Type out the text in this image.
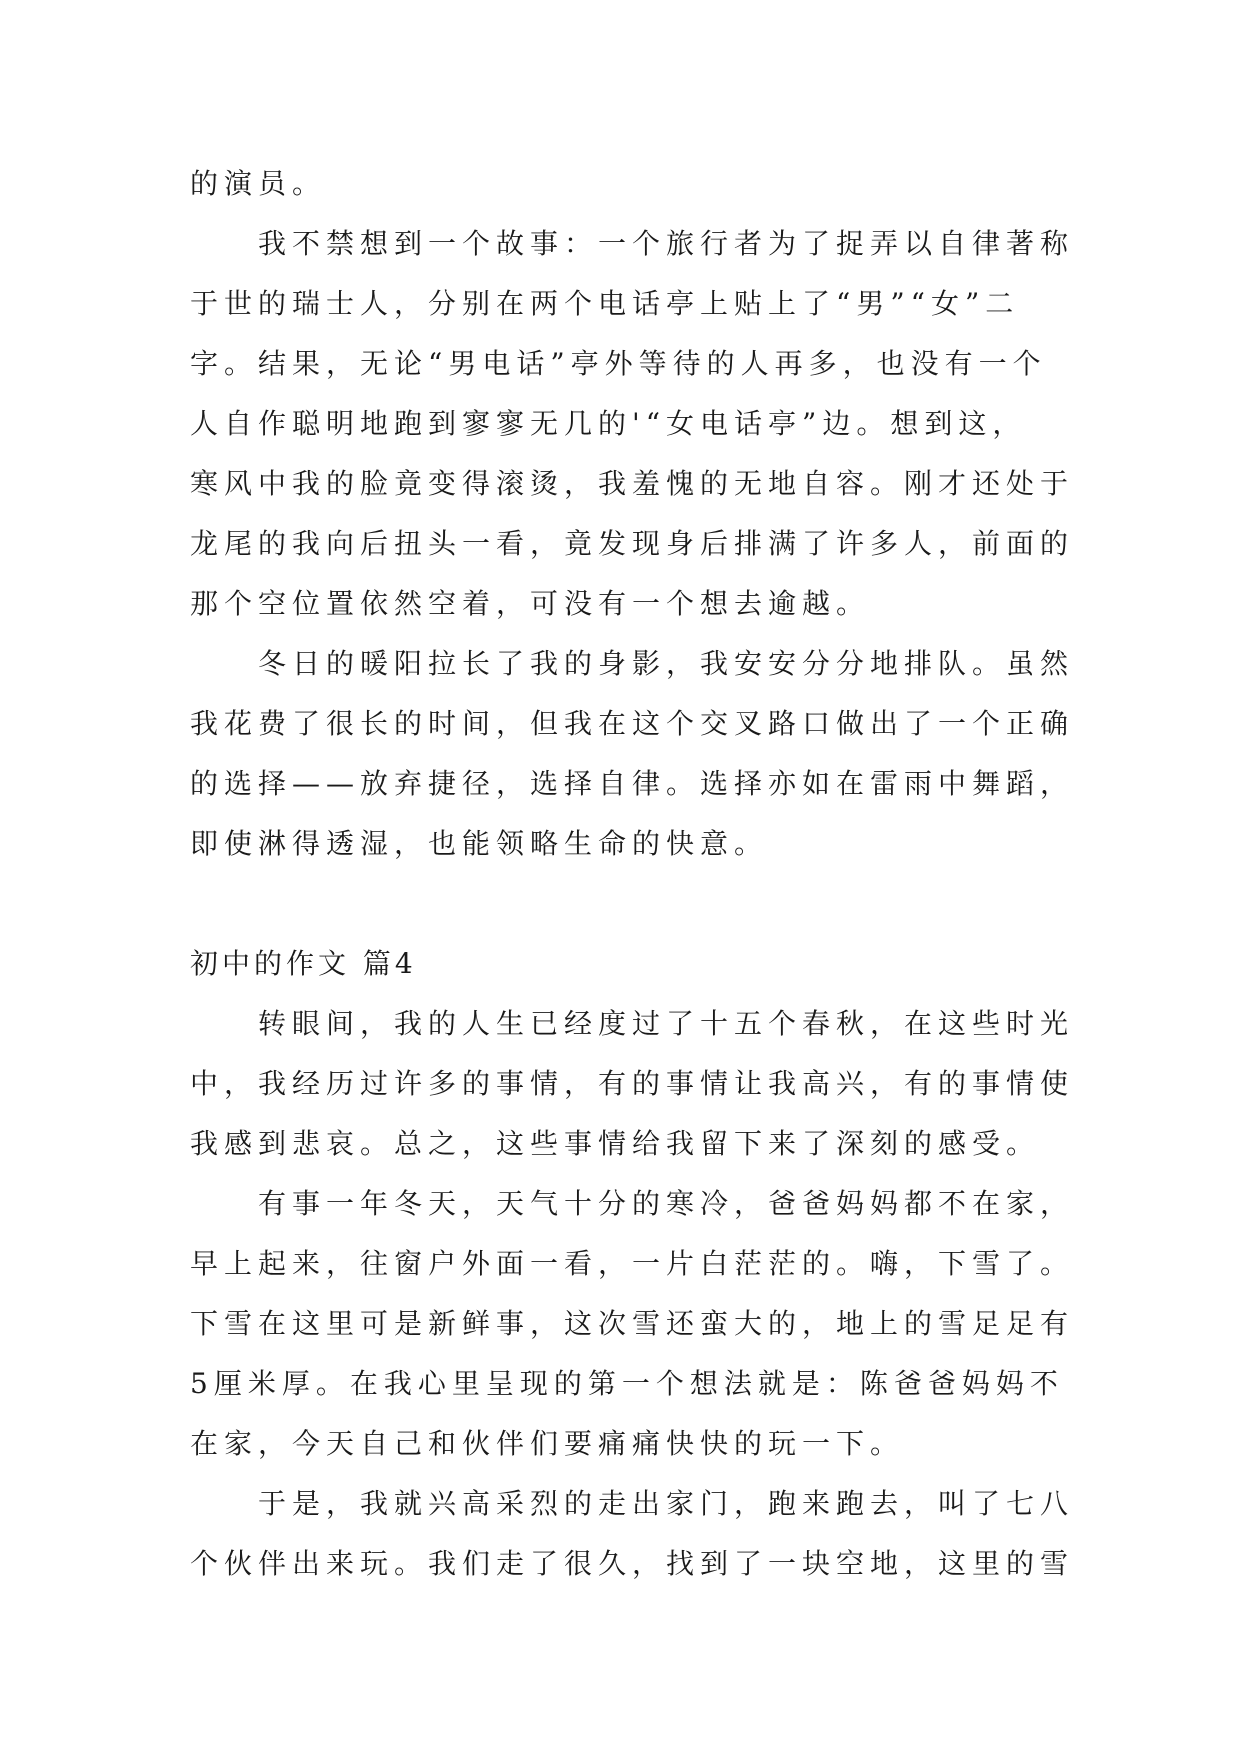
的演员。

我不禁想到一个故事：一个旅行者为了捉弄以自律著称

于世的瑞士人，分别在两个电话亭上贴上了“男”“女”二

字。结果，无论“男电话”亭外等待的人再多，也没有一个

人自作聪明地跑到寥寥无几的'“女电话亭”边。想到这，

寒风中我的脸竟变得滚烫，我羞愧的无地自容。刚才还处于

龙尾的我向后扭头一看，竟发现身后排满了许多人，前面的

那个空位置依然空着，可没有一个想去逾越。

冬日的暖阳拉长了我的身影，我安安分分地排队。虽然

我花费了很长的时间，但我在这个交叉路口做出了一个正确

的选择——放弃捷径，选择自律。选择亦如在雷雨中舞蹈，

即使淋得透湿，也能领略生命的快意。

初中的作文 篇4

转眼间，我的人生已经度过了十五个春秋，在这些时光

中，我经历过许多的事情，有的事情让我高兴，有的事情使

我感到悲哀。总之，这些事情给我留下来了深刻的感受。

有事一年冬天，天气十分的寒冷，爸爸妈妈都不在家，

早上起来，往窗户外面一看，一片白茫茫的。嗨，下雪了。

下雪在这里可是新鲜事，这次雪还蛮大的，地上的雪足足有

5厘米厚。在我心里呈现的第一个想法就是：陈爸爸妈妈不

在家，今天自己和伙伴们要痛痛快快的玩一下。

于是，我就兴高采烈的走出家门，跑来跑去，叫了七八

个伙伴出来玩。我们走了很久，找到了一块空地，这里的雪
